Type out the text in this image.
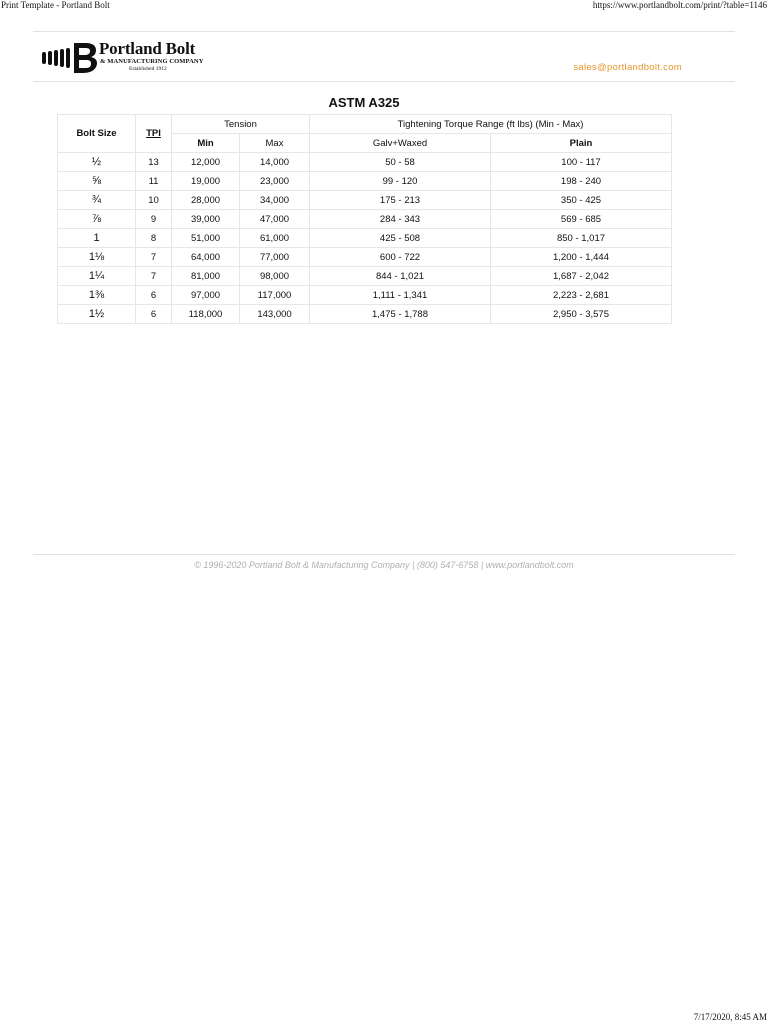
Print Template - Portland Bolt	https://www.portlandbolt.com/print/?table=1146
Portland Bolt
& MANUFACTURING COMPANY
Established 1912	sales@portlandbolt.com
ASTM A325
Bolt Size	TPI	Tension		Tightening Torque Range (ft lbs) (Min - Max)	
		Min	Max	Galv+Waxed	Plain
½	13	12,000	14,000	50 - 58	100 - 117
⅝	11	19,000	23,000	99 - 120	198 - 240
¾	10	28,000	34,000	175 - 213	350 - 425
⅞	9	39,000	47,000	284 - 343	569 - 685
1	8	51,000	61,000	425 - 508	850 - 1,017
1⅛	7	64,000	77,000	600 - 722	1,200 - 1,444
1¼	7	81,000	98,000	844 - 1,021	1,687 - 2,042
1⅜	6	97,000	117,000	1,111 - 1,341	2,223 - 2,681
1½	6	118,000	143,000	1,475 - 1,788	2,950 - 3,575
© 1996-2020 Portland Bolt & Manufacturing Company | (800) 547-6758 | www.portlandbolt.com
7/17/2020, 8:45 AM
